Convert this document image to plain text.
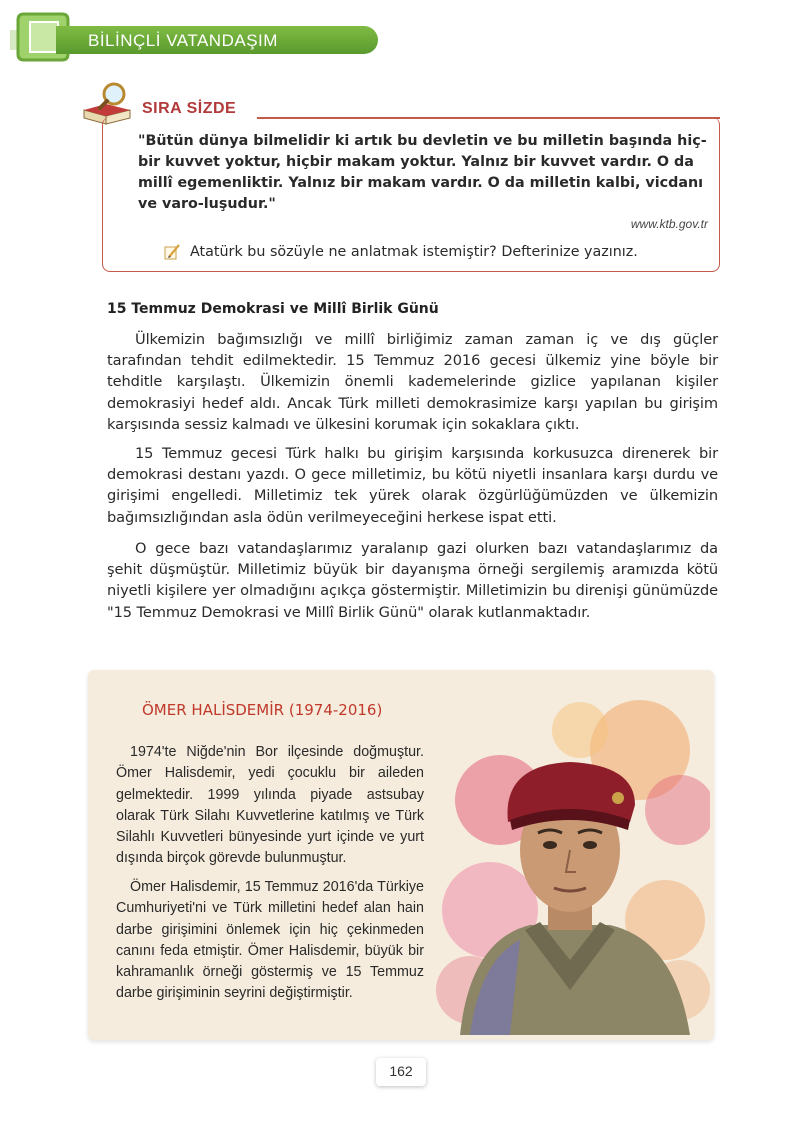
BİLİNÇLİ VATANDAŞIM
SIRA SİZDE
"Bütün dünya bilmelidir ki artık bu devletin ve bu milletin başında hiç-bir kuvvet yoktur, hiçbir makam yoktur. Yalnız bir kuvvet vardır. O da millî egemenliktir. Yalnız bir makam vardır. O da milletin kalbi, vicdanı ve varo-luşudur."
www.ktb.gov.tr
Atatürk bu sözüyle ne anlatmak istemiştir? Defterinize yazınız.
15 Temmuz Demokrasi ve Millî Birlik Günü
Ülkemizin bağımsızlığı ve millî birliğimiz zaman zaman iç ve dış güçler tarafından tehdit edilmektedir. 15 Temmuz 2016 gecesi ülkemiz yine böyle bir tehditle karşılaştı. Ülkemizin önemli kademelerinde gizlice yapılanan kişiler demokrasiyi hedef aldı. Ancak Türk milleti demokrasimize karşı yapılan bu girişim karşısında sessiz kalmadı ve ülkesini korumak için sokaklara çıktı.
15 Temmuz gecesi Türk halkı bu girişim karşısında korkusuzca direnerek bir demokrasi destanı yazdı. O gece milletimiz, bu kötü niyetli insanlara karşı durdu ve girişimi engelledi. Milletimiz tek yürek olarak özgürlüğümüzden ve ülkemizin bağımsızlığından asla ödün verilmeyeceğini herkese ispat etti.
O gece bazı vatandaşlarımız yaralanıp gazi olurken bazı vatandaşlarımız da şehit düşmüştür. Milletimiz büyük bir dayanışma örneği sergilemiş aramızda kötü niyetli kişilere yer olmadığını açıkça göstermiştir. Milletimizin bu direnişi günümüzde "15 Temmuz Demokrasi ve Millî Birlik Günü" olarak kutlanmaktadır.
ÖMER HALİSDEMİR (1974-2016)
1974'te Niğde'nin Bor ilçesinde doğmuştur. Ömer Halisdemir, yedi çocuklu bir aileden gelmektedir. 1999 yılında piyade astsubay olarak Türk Silahı Kuvvetlerine katılmış ve Türk Silahlı Kuvvetleri bünyesinde yurt içinde ve yurt dışında birçok görevde bulunmuştur.
Ömer Halisdemir, 15 Temmuz 2016'da Türkiye Cumhuriyeti'ni ve Türk milletini hedef alan hain darbe girişimini önlemek için hiç çekinmeden canını feda etmiştir. Ömer Halisdemir, büyük bir kahramanlık örneği göstermiş ve 15 Temmuz darbe girişiminin seyrini değiştirmiştir.
162
